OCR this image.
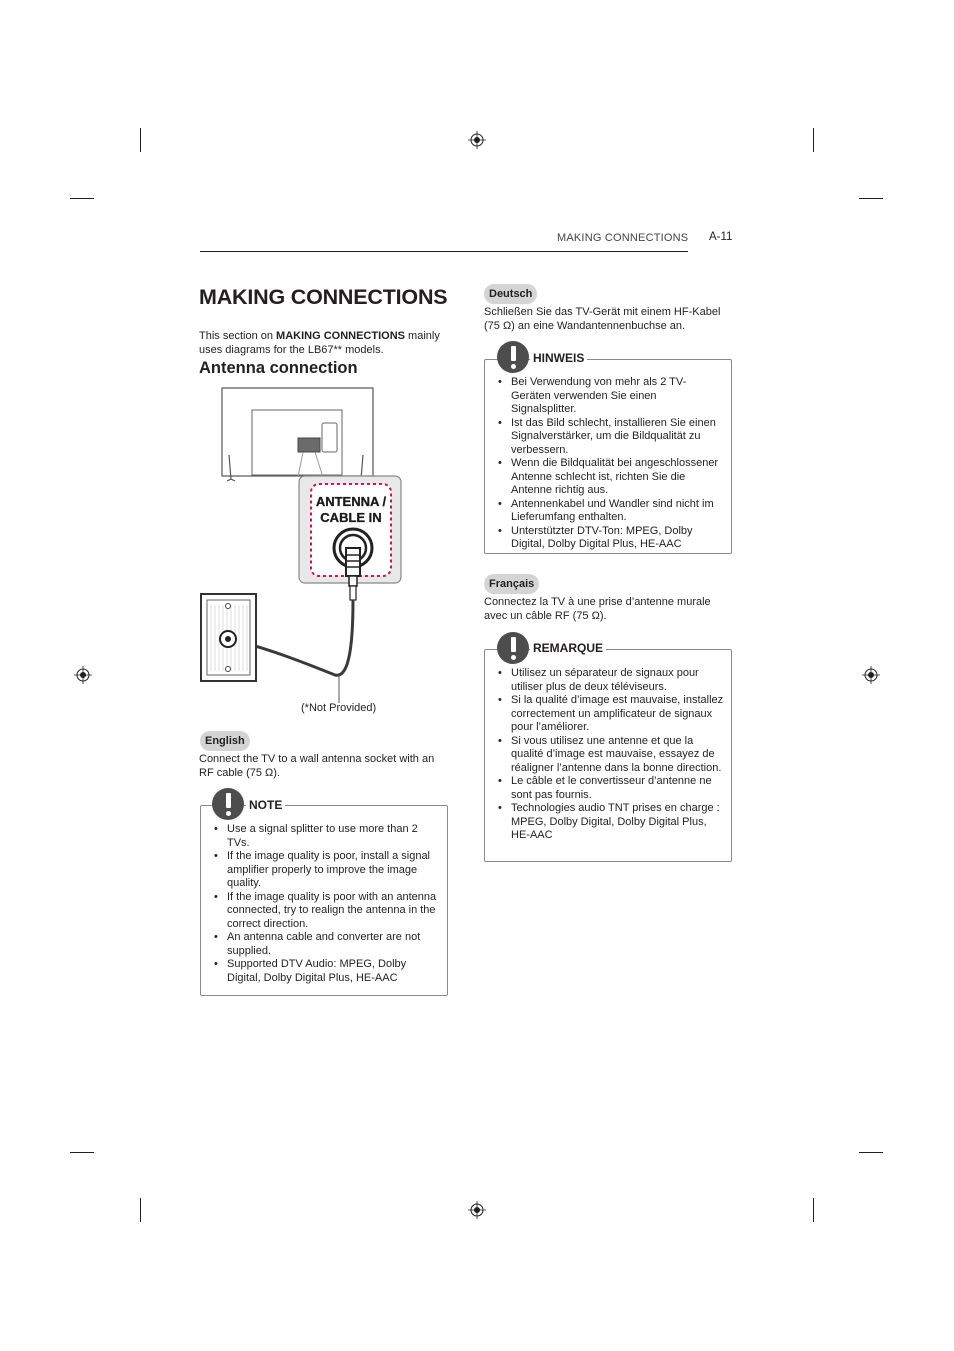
MAKING CONNECTIONS A-11
MAKING CONNECTIONS
This section on MAKING CONNECTIONS mainly uses diagrams for the LB67** models.
Antenna connection
ANTENNA /
CABLE IN
(*Not Provided)
English
Connect the TV to a wall antenna socket with an RF cable (75 Ω).
• Use a signal splitter to use more than 2 TVs.
• If the image quality is poor, install a signal amplifier properly to improve the image quality.
• If the image quality is poor with an antenna connected, try to realign the antenna in the correct direction.
• An antenna cable and converter are not supplied.
• Supported DTV Audio: MPEG, Dolby Digital, Dolby Digital Plus, HE-AAC
NOTE
Deutsch
Schließen Sie das TV-Gerät mit einem HF-Kabel (75 Ω) an eine Wandantennenbuchse an.
• Bei Verwendung von mehr als 2 TV-Geräten verwenden Sie einen Signalsplitter.
• Ist das Bild schlecht, installieren Sie einen Signalverstärker, um die Bildqualität zu verbessern.
• Wenn die Bildqualität bei angeschlossener Antenne schlecht ist, richten Sie die Antenne richtig aus.
• Antennenkabel und Wandler sind nicht im Lieferumfang enthalten.
• Unterstützter DTV-Ton: MPEG, Dolby Digital, Dolby Digital Plus, HE-AAC
HINWEIS
Français
Connectez la TV à une prise d’antenne murale avec un câble RF (75 Ω).
• Utilisez un séparateur de signaux pour utiliser plus de deux téléviseurs.
• Si la qualité d’image est mauvaise, installez correctement un amplificateur de signaux pour l’améliorer.
• Si vous utilisez une antenne et que la qualité d’image est mauvaise, essayez de réaligner l’antenne dans la bonne direction.
• Le câble et le convertisseur d’antenne ne sont pas fournis.
• Technologies audio TNT prises en charge : MPEG, Dolby Digital, Dolby Digital Plus, HE-AAC
REMARQUE
